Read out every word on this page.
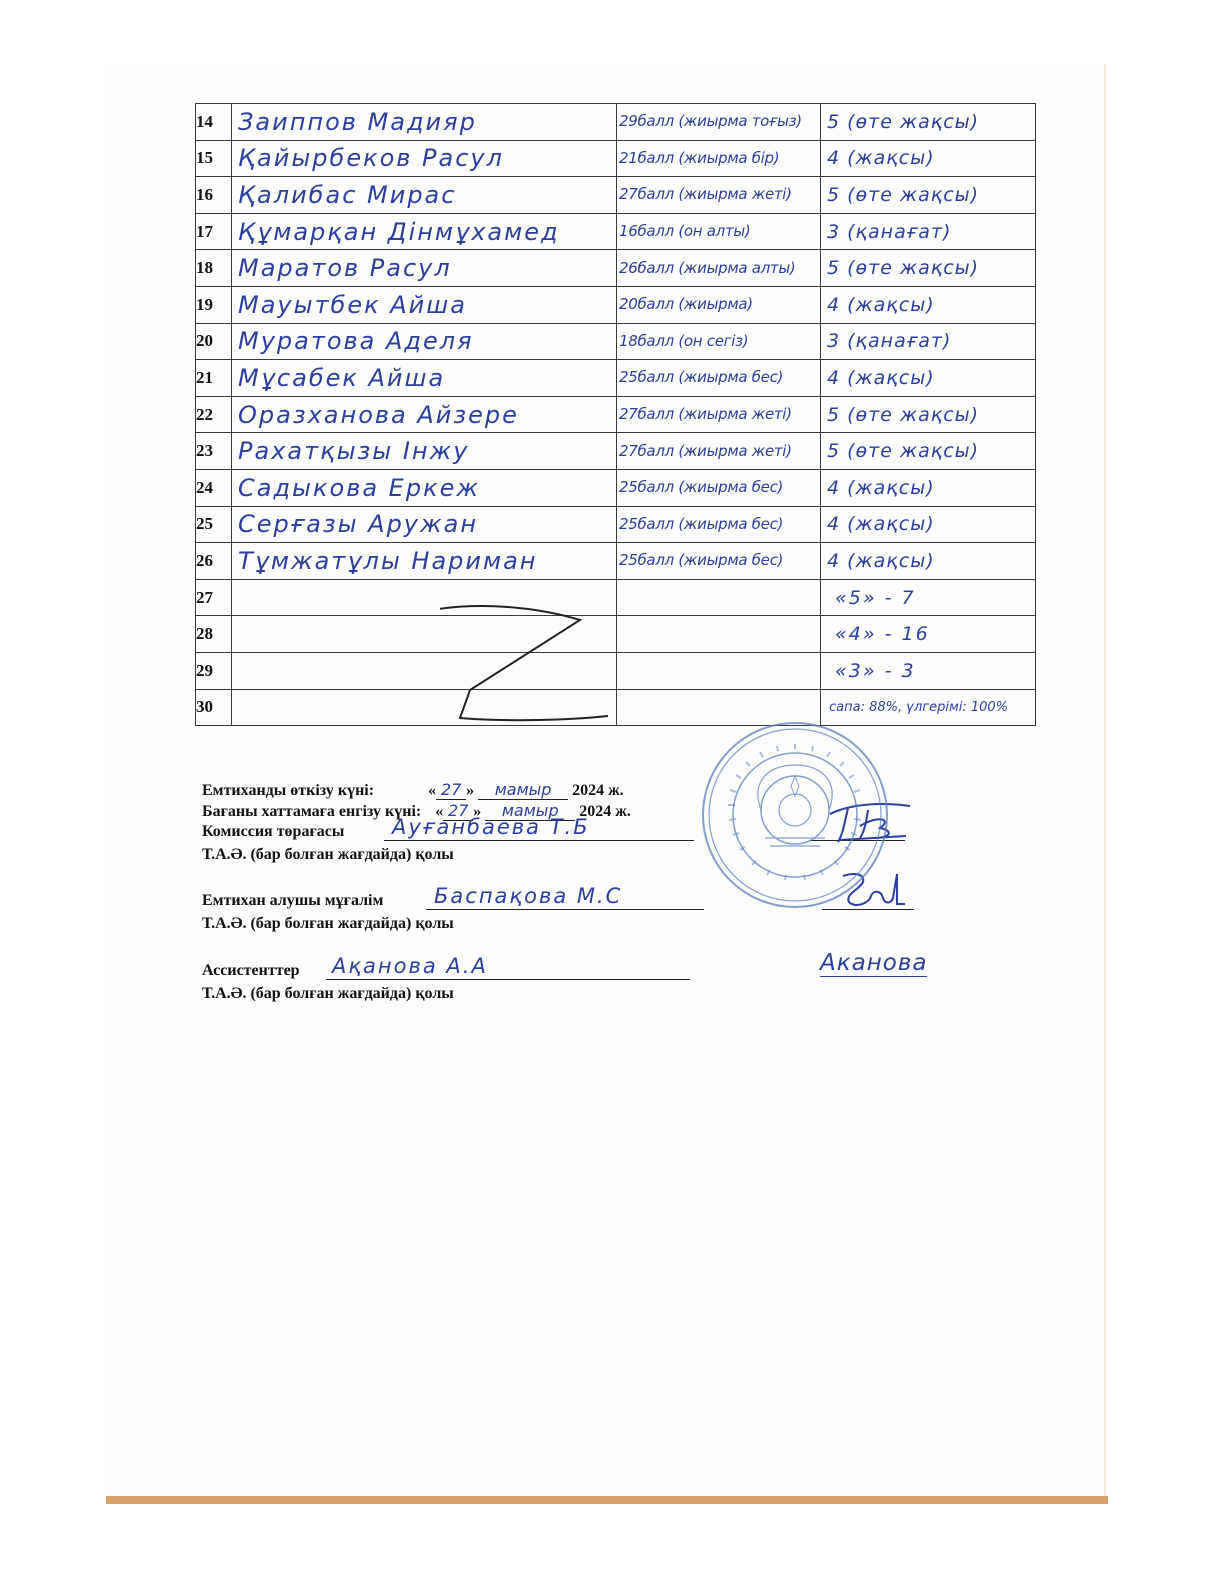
14	Заиппов Мадияр	29балл (жиырма тоғыз)	5 (өте жақсы)
15	Қайырбеков Расул	21балл (жиырма бір)	4 (жақсы)
16	Қалибас Мирас	27балл (жиырма жеті)	5 (өте жақсы)
17	Құмарқан Дінмұхамед	16балл (он алты)	3 (қанағат)
18	Маратов Расул	26балл (жиырма алты)	5 (өте жақсы)
19	Мауытбек Айша	20балл (жиырма)	4 (жақсы)
20	Муратова Аделя	18балл (он сегіз)	3 (қанағат)
21	Мұсабек Айша	25балл (жиырма бес)	4 (жақсы)
22	Оразханова Айзере	27балл (жиырма жеті)	5 (өте жақсы)
23	Рахатқызы Інжу	27балл (жиырма жеті)	5 (өте жақсы)
24	Садыкова Еркеж	25балл (жиырма бес)	4 (жақсы)
25	Серғазы Аружан	25балл (жиырма бес)	4 (жақсы)
26	Тұмжатұлы Нариман	25балл (жиырма бес)	4 (жақсы)
27			«5» - 7
28			«4» - 16
29			«3» - 3
30			сапа: 88%, үлгерімі: 100%
Емтиханды өткізу күні:	« 27 » мамыр 2024 ж.
Бағаны хаттамаға енгізу күні: « 27 » мамыр 2024 ж.
Комиссия төрағасы Ауғанбаева Т.Б
Т.А.Ә. (бар болған жағдайда) қолы
Емтихан алушы мұғалім Баспақова М.С
Т.А.Ә. (бар болған жағдайда) қолы
Ассистенттер Ақанова А.А	Аканова
Т.А.Ә. (бар болған жағдайда) қолы
